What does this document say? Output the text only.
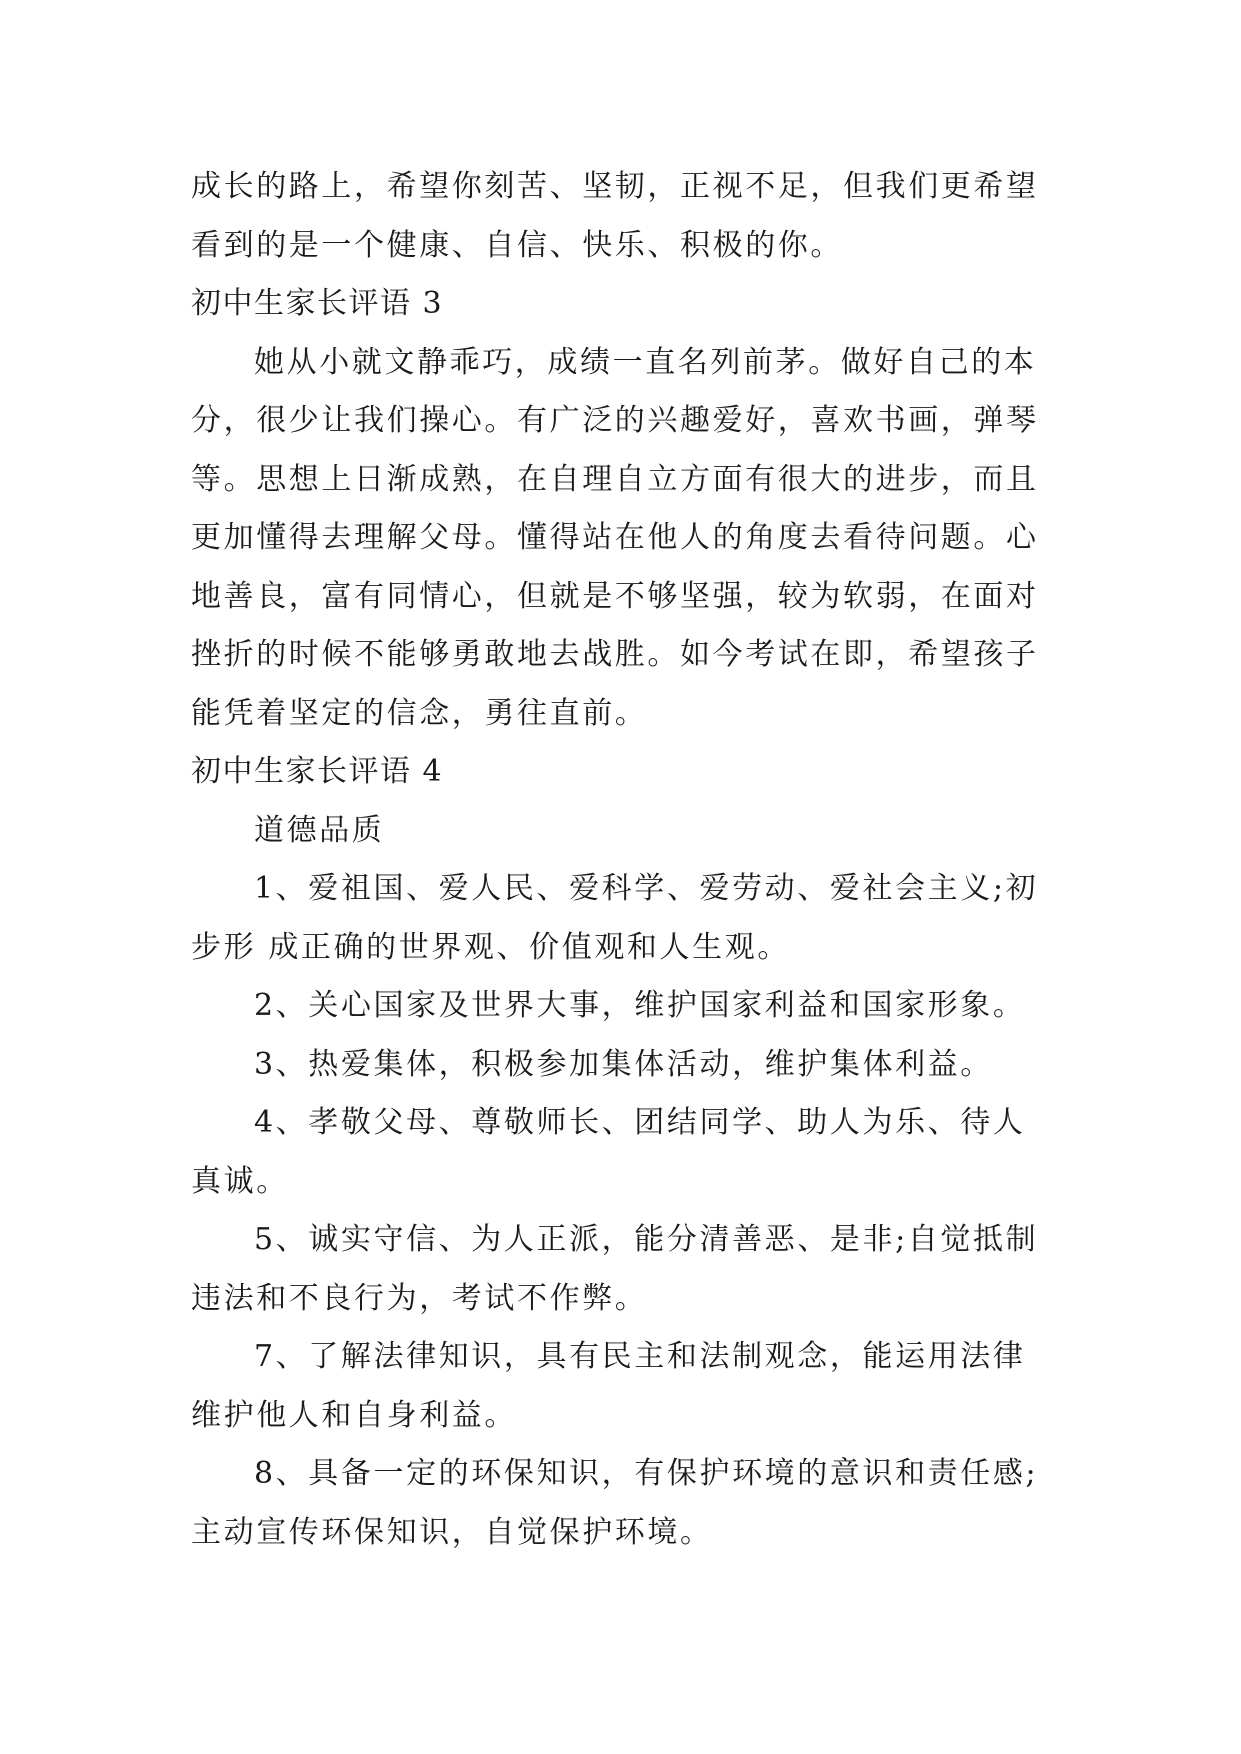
成长的路上，希望你刻苦、坚韧，正视不足，但我们更希望
看到的是一个健康、自信、快乐、积极的你。
初中生家长评语 3
她从小就文静乖巧，成绩一直名列前茅。做好自己的本
分，很少让我们操心。有广泛的兴趣爱好，喜欢书画，弹琴
等。思想上日渐成熟，在自理自立方面有很大的进步，而且
更加懂得去理解父母。懂得站在他人的角度去看待问题。心
地善良，富有同情心，但就是不够坚强，较为软弱，在面对
挫折的时候不能够勇敢地去战胜。如今考试在即，希望孩子
能凭着坚定的信念，勇往直前。
初中生家长评语 4
道德品质
1、爱祖国、爱人民、爱科学、爱劳动、爱社会主义;初
步形 成正确的世界观、价值观和人生观。
2、关心国家及世界大事，维护国家利益和国家形象。
3、热爱集体，积极参加集体活动，维护集体利益。
4、孝敬父母、尊敬师长、团结同学、助人为乐、待人
真诚。
5、诚实守信、为人正派，能分清善恶、是非;自觉抵制
违法和不良行为，考试不作弊。
7、了解法律知识，具有民主和法制观念，能运用法律
维护他人和自身利益。
8、具备一定的环保知识，有保护环境的意识和责任感;
主动宣传环保知识，自觉保护环境。
